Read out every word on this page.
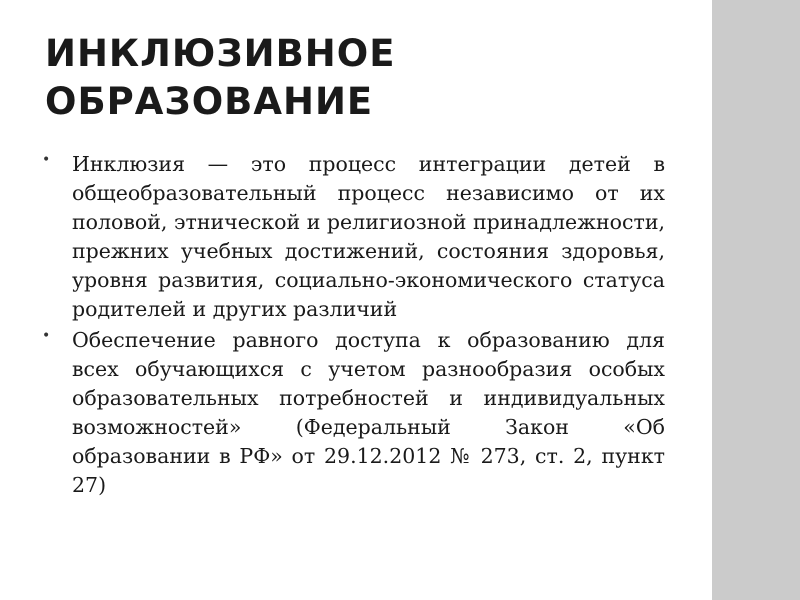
ИНКЛЮЗИВНОЕ
ОБРАЗОВАНИЕ
• Инклюзия — это процесс интеграции детей в общеобразовательный процесс независимо от их половой, этнической и религиозной принадлежности, прежних учебных достижений, состояния здоровья, уровня развития, социально-экономического статуса родителей и других различий
• Обеспечение равного доступа к образованию для всех обучающихся с учетом разнообразия особых образовательных потребностей и индивидуальных возможностей» (Федеральный Закон «Об образовании в РФ» от 29.12.2012 № 273, ст. 2, пункт 27)
